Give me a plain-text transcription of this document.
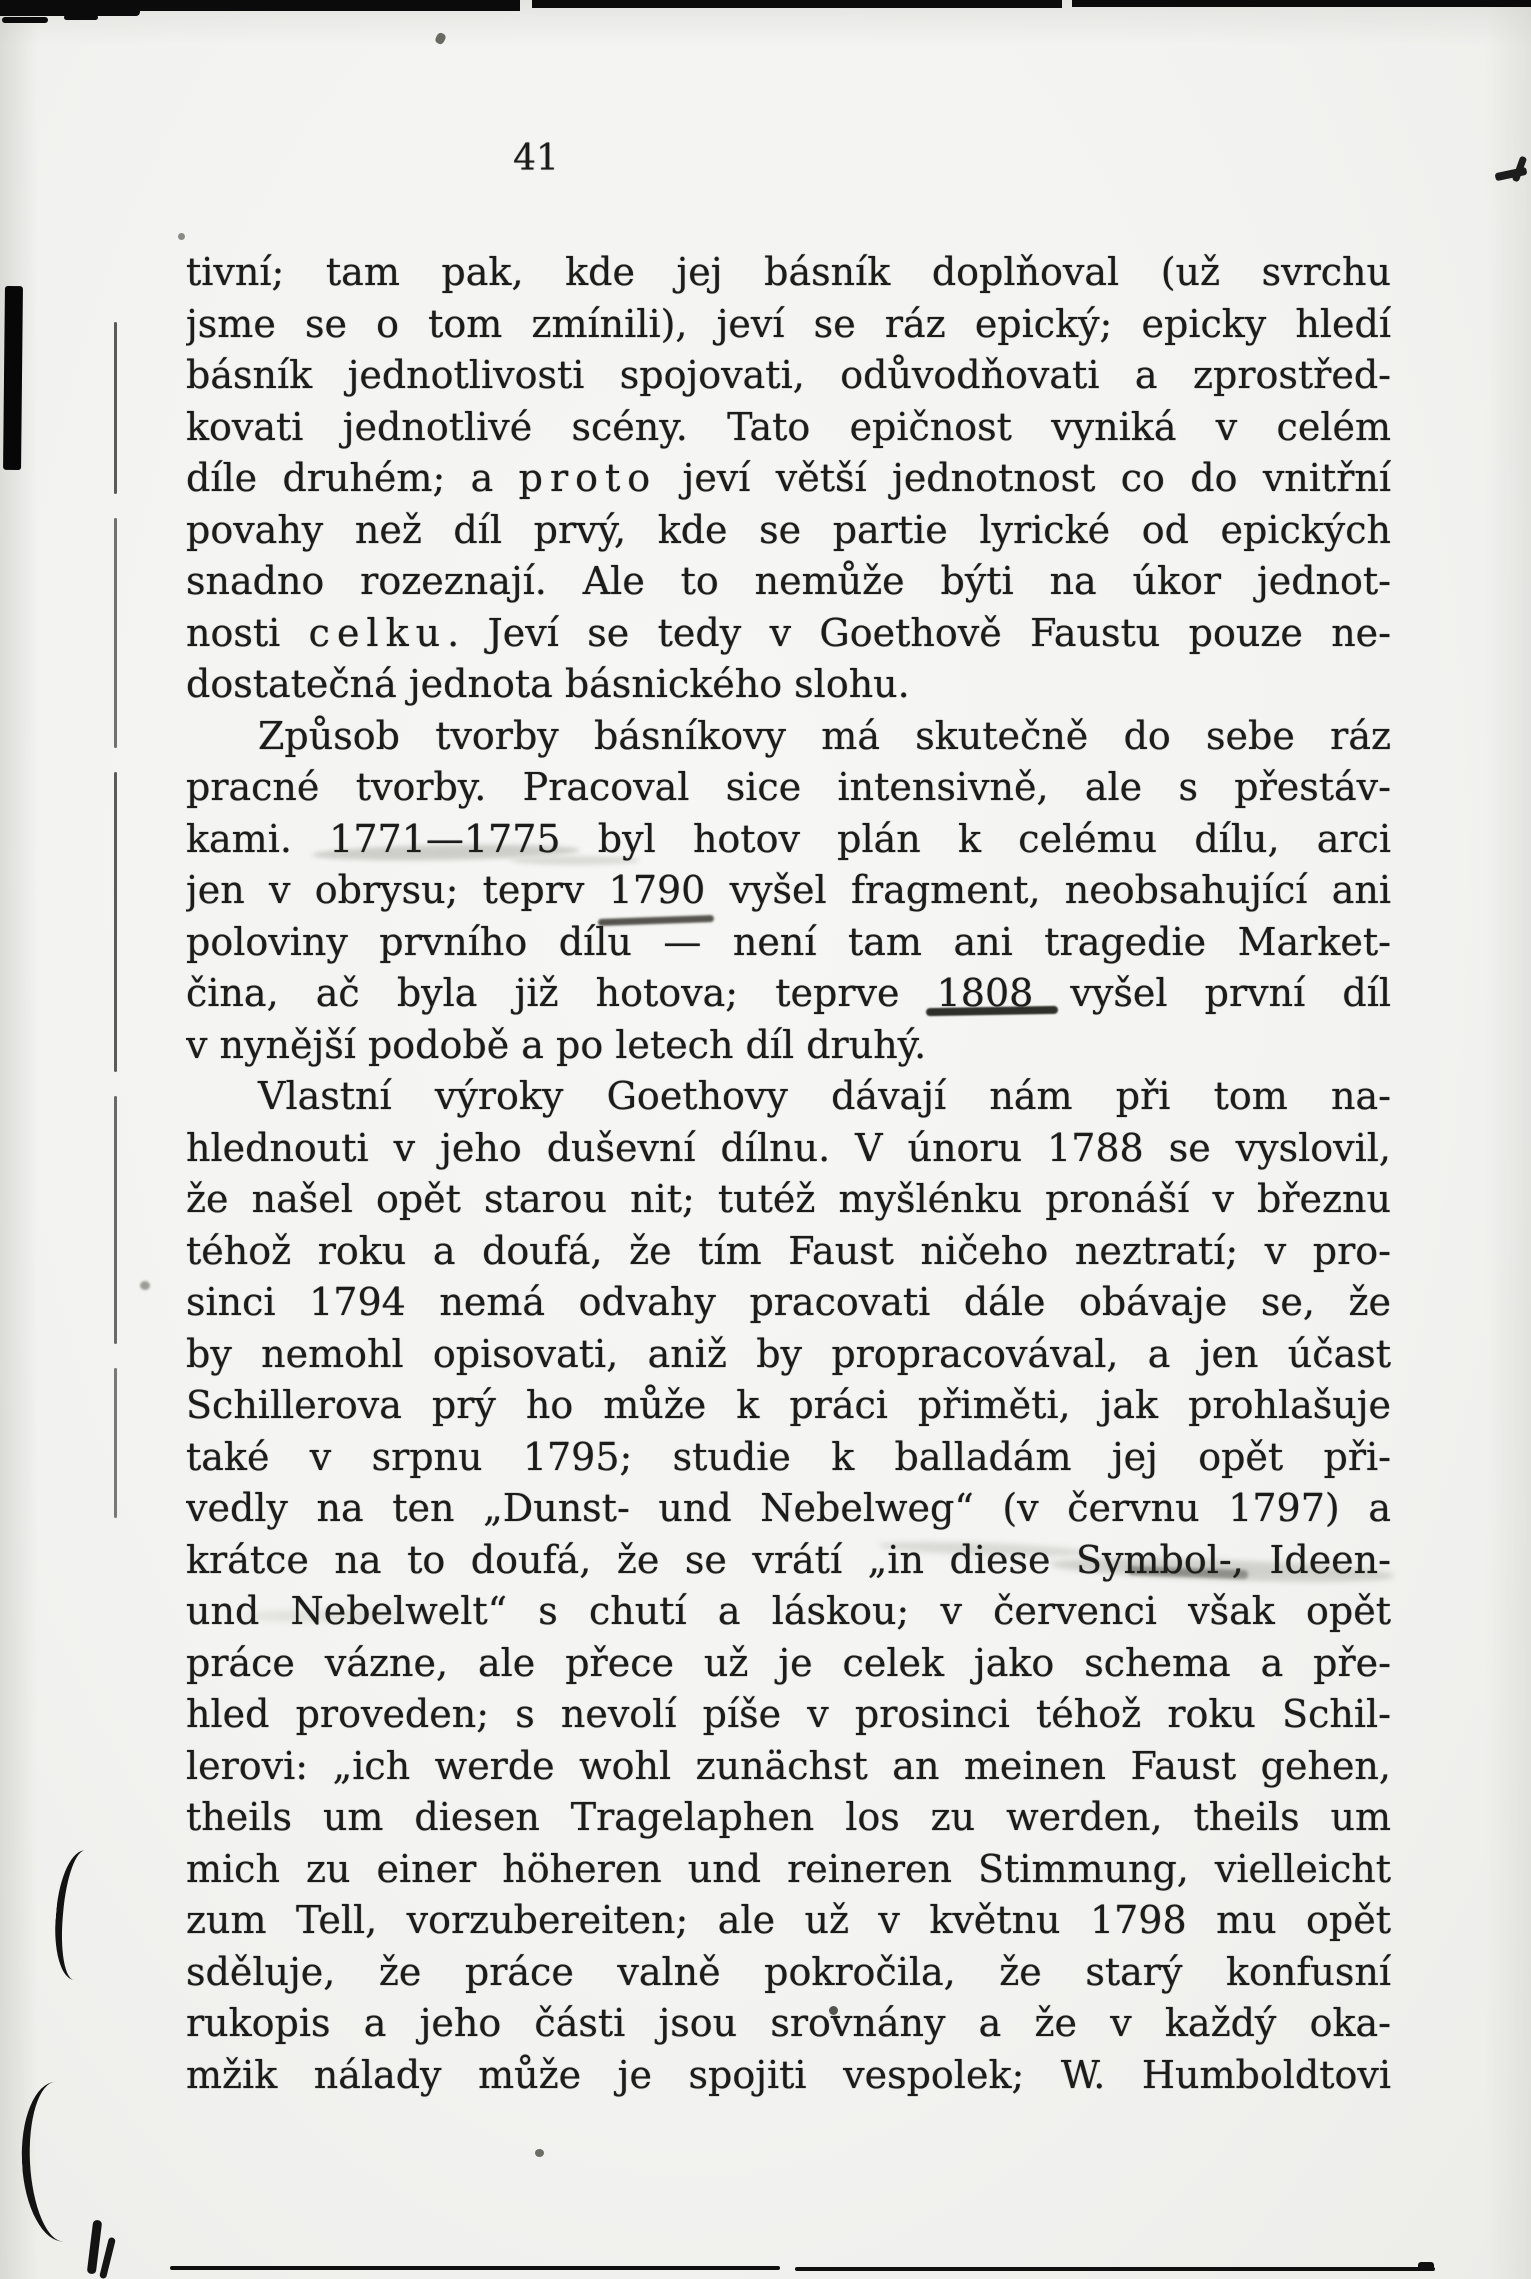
41
tivní; tam pak, kde jej básník doplňoval (už svrchu
jsme se o tom zmínili), jeví se ráz epický; epicky hledí
básník jednotlivosti spojovati, odůvodňovati a zprostřed-
kovati jednotlivé scény. Tato epičnost vyniká v celém
díle druhém; a proto jeví větší jednotnost co do vnitřní
povahy než díl prvý, kde se partie lyrické od epických
snadno rozeznají. Ale to nemůže býti na úkor jednot-
nosti celku. Jeví se tedy v Goethově Faustu pouze ne-
dostatečná jednota básnického slohu.
Způsob tvorby básníkovy má skutečně do sebe ráz
pracné tvorby. Pracoval sice intensivně, ale s přestáv-
kami. 1771—1775 byl hotov plán k celému dílu, arci
jen v obrysu; teprv 1790 vyšel fragment, neobsahující ani
poloviny prvního dílu — není tam ani tragedie Market-
čina, ač byla již hotova; teprve 1808 vyšel první díl
v nynější podobě a po letech díl druhý.
Vlastní výroky Goethovy dávají nám při tom na-
hlednouti v jeho duševní dílnu. V únoru 1788 se vyslovil,
že našel opět starou nit; tutéž myšlénku pronáší v březnu
téhož roku a doufá, že tím Faust ničeho neztratí; v pro-
sinci 1794 nemá odvahy pracovati dále obávaje se, že
by nemohl opisovati, aniž by propracovával, a jen účast
Schillerova prý ho může k práci přiměti, jak prohlašuje
také v srpnu 1795; studie k balladám jej opět při-
vedly na ten „Dunst- und Nebelweg“ (v červnu 1797) a
krátce na to doufá, že se vrátí „in diese Symbol-, Ideen-
und Nebelwelt“ s chutí a láskou; v červenci však opět
práce vázne, ale přece už je celek jako schema a pře-
hled proveden; s nevolí píše v prosinci téhož roku Schil-
lerovi: „ich werde wohl zunächst an meinen Faust gehen,
theils um diesen Tragelaphen los zu werden, theils um
mich zu einer höheren und reineren Stimmung, vielleicht
zum Tell, vorzubereiten; ale už v květnu 1798 mu opět
sděluje, že práce valně pokročila, že starý konfusní
rukopis a jeho části jsou srovnány a že v každý oka-
mžik nálady může je spojiti vespolek; W. Humboldtovi
